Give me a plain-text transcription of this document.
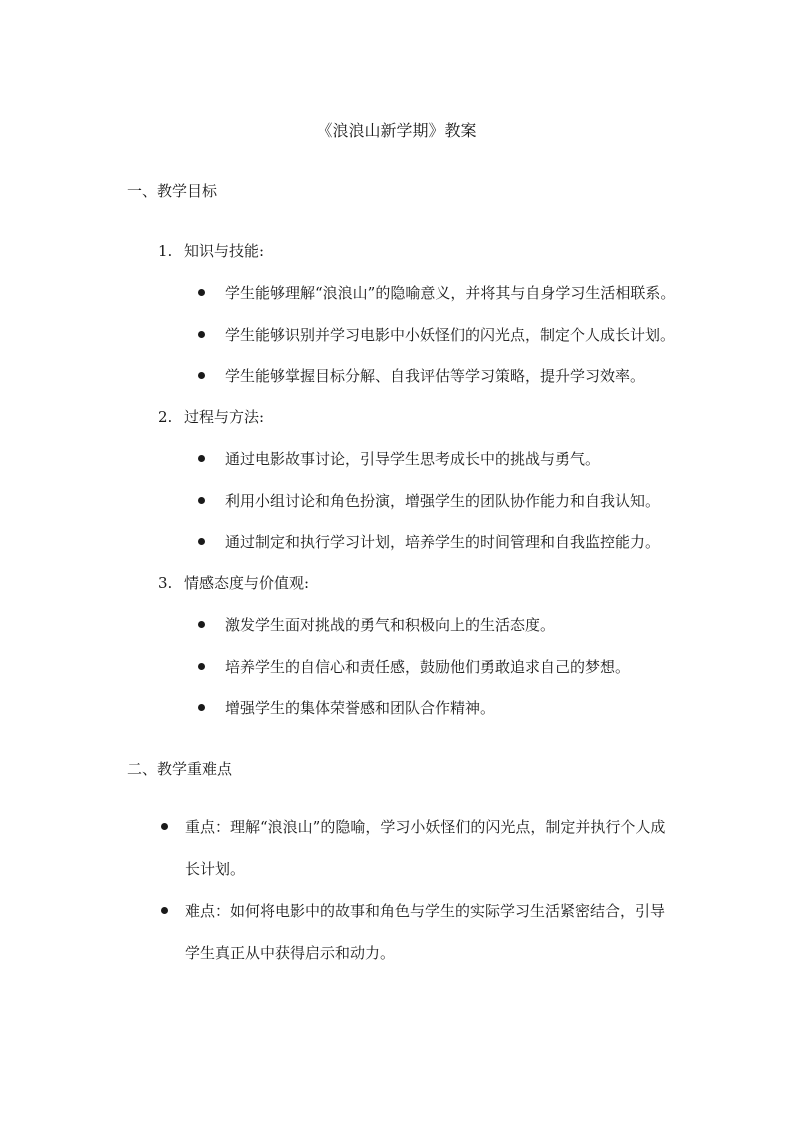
《浪浪山新学期》教案
一、教学目标
1. 知识与技能:
学生能够理解“浪浪山”的隐喻意义，并将其与自身学习生活相联系。
学生能够识别并学习电影中小妖怪们的闪光点，制定个人成长计划。
学生能够掌握目标分解、自我评估等学习策略，提升学习效率。
2. 过程与方法:
通过电影故事讨论，引导学生思考成长中的挑战与勇气。
利用小组讨论和角色扮演，增强学生的团队协作能力和自我认知。
通过制定和执行学习计划，培养学生的时间管理和自我监控能力。
3. 情感态度与价值观:
激发学生面对挑战的勇气和积极向上的生活态度。
培养学生的自信心和责任感，鼓励他们勇敢追求自己的梦想。
增强学生的集体荣誉感和团队合作精神。
二、教学重难点
重点：理解“浪浪山”的隐喻，学习小妖怪们的闪光点，制定并执行个人成长计划。
难点：如何将电影中的故事和角色与学生的实际学习生活紧密结合，引导学生真正从中获得启示和动力。
